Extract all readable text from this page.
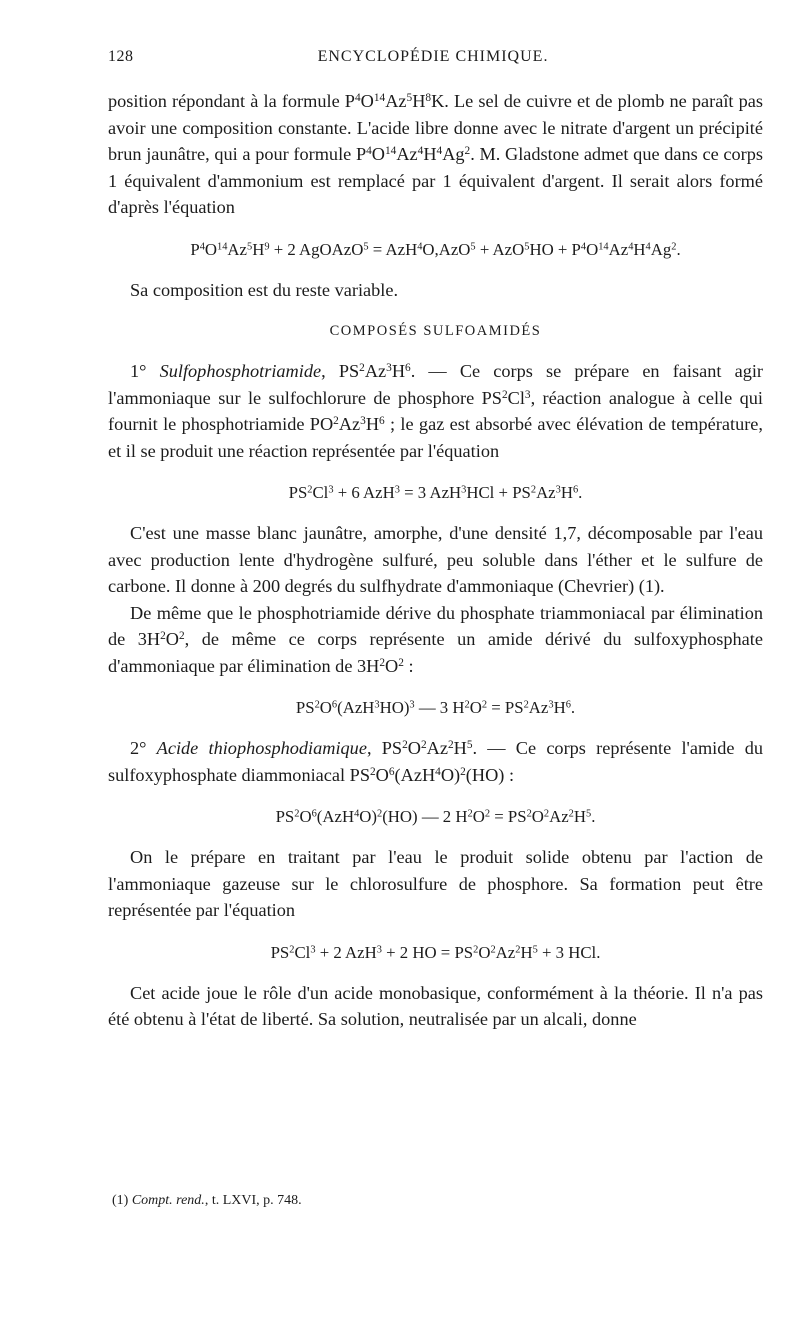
128	ENCYCLOPÉDIE CHIMIQUE.

position répondant à la formule $P^4O^{14}Az^5H^8K$. Le sel de cuivre et de plomb ne paraît pas avoir une composition constante. L'acide libre donne avec le nitrate d'argent un précipité brun jaunâtre, qui a pour formule $P^4O^{14}Az^4H^4Ag^2$. M. Gladstone admet que dans ce corps 1 équivalent d'ammonium est remplacé par 1 équivalent d'argent. Il serait alors formé d'après l'équation

$P^4O^{14}Az^5H^9 + 2$ AgOAzO$^5$ = $AzH^4O,AzO^5 + AzO^5HO + P^4O^{14}Az^4H^4Ag^2$.

Sa composition est du reste variable.

COMPOSÉS SULFOAMIDÉS

1° Sulfophosphotriamide, $PS^2Az^3H^6$. — Ce corps se prépare en faisant agir l'ammoniaque sur le sulfochlorure de phosphore $PS^2Cl^3$, réaction analogue à celle qui fournit le phosphotriamide $PO^2Az^3H^6$ ; le gaz est absorbé avec élévation de température, et il se produit une réaction représentée par l'équation

$PS^2Cl^3 + 6$ AzH$^3$ = 3 $AzH^3HCl + PS^2Az^3H^6$.

C'est une masse blanc jaunâtre, amorphe, d'une densité 1,7, décomposable par l'eau avec production lente d'hydrogène sulfuré, peu soluble dans l'éther et le sulfure de carbone. Il donne à 200 degrés du sulfhydrate d'ammoniaque (Chevrier) (1).

De même que le phosphotriamide dérive du phosphate triammoniacal par élimination de $3H^2O^2$, de même ce corps représente un amide dérivé du sulfoxyphosphate d'ammoniaque par élimination de $3H^2O^2$ :

$PS^2O^6(AzH^3HO)^3$ — 3 $H^2O^2 = PS^2Az^3H^6$.

2° Acide thiophosphodiamique, $PS^2O^2Az^2H^5$. — Ce corps représente l'amide du sulfoxyphosphate diammoniacal $PS^2O^6(AzH^4O)^2(HO)$ :

$PS^2O^6(AzH^4O)^2(HO)$ — 2 $H^2O^2 = PS^2O^2Az^2H^5$.

On le prépare en traitant par l'eau le produit solide obtenu par l'action de l'ammoniaque gazeuse sur le chlorosulfure de phosphore. Sa formation peut être représentée par l'équation

$PS^2Cl^3 + 2$ AzH$^3$ + 2 HO = $PS^2O^2Az^2H^5 + 3$ HCl.

Cet acide joue le rôle d'un acide monobasique, conformément à la théorie. Il n'a pas été obtenu à l'état de liberté. Sa solution, neutralisée par un alcali, donne

(1) Compt. rend., t. LXVI, p. 748.
